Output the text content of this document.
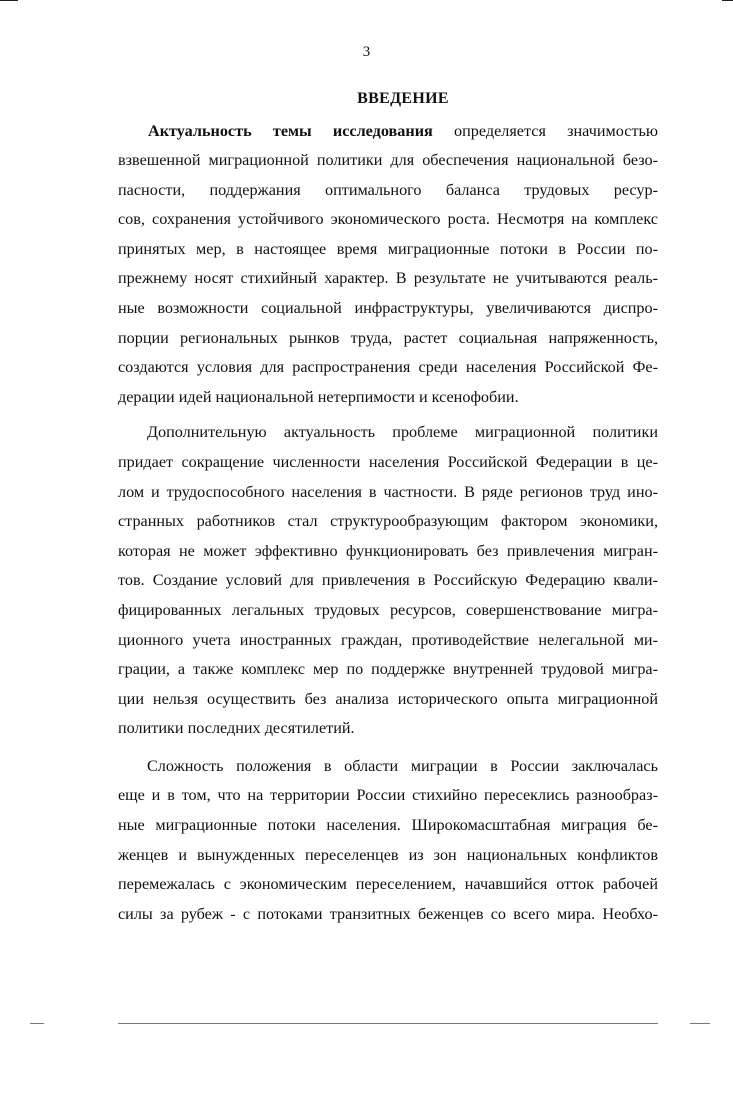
3
ВВЕДЕНИЕ
Актуальность темы исследования определяется значимостью
взвешенной миграционной политики для обеспечения национальной безо-
пасности, поддержания оптимального баланса трудовых ресур-
сов, сохранения устойчивого экономического роста. Несмотря на комплекс
принятых мер, в настоящее время миграционные потоки в России по-
прежнему носят стихийный характер. В результате не учитываются реаль-
ные возможности социальной инфраструктуры, увеличиваются диспро-
порции региональных рынков труда, растет социальная напряженность,
создаются условия для распространения среди населения Российской Фе-
дерации идей национальной нетерпимости и ксенофобии.
Дополнительную актуальность проблеме миграционной политики
придает сокращение численности населения Российской Федерации в це-
лом и трудоспособного населения в частности. В ряде регионов труд ино-
странных работников стал структурообразующим фактором экономики,
которая не может эффективно функционировать без привлечения мигран-
тов. Создание условий для привлечения в Российскую Федерацию квали-
фицированных легальных трудовых ресурсов, совершенствование мигра-
ционного учета иностранных граждан, противодействие нелегальной ми-
грации, а также комплекс мер по поддержке внутренней трудовой мигра-
ции нельзя осуществить без анализа исторического опыта миграционной
политики последних десятилетий.
Сложность положения в области миграции в России заключалась
еще и в том, что на территории России стихийно пересеклись разнообраз-
ные миграционные потоки населения. Широкомасштабная миграция бе-
женцев и вынужденных переселенцев из зон национальных конфликтов
перемежалась с экономическим переселением, начавшийся отток рабочей
силы за рубеж - с потоками транзитных беженцев со всего мира. Необхо-
